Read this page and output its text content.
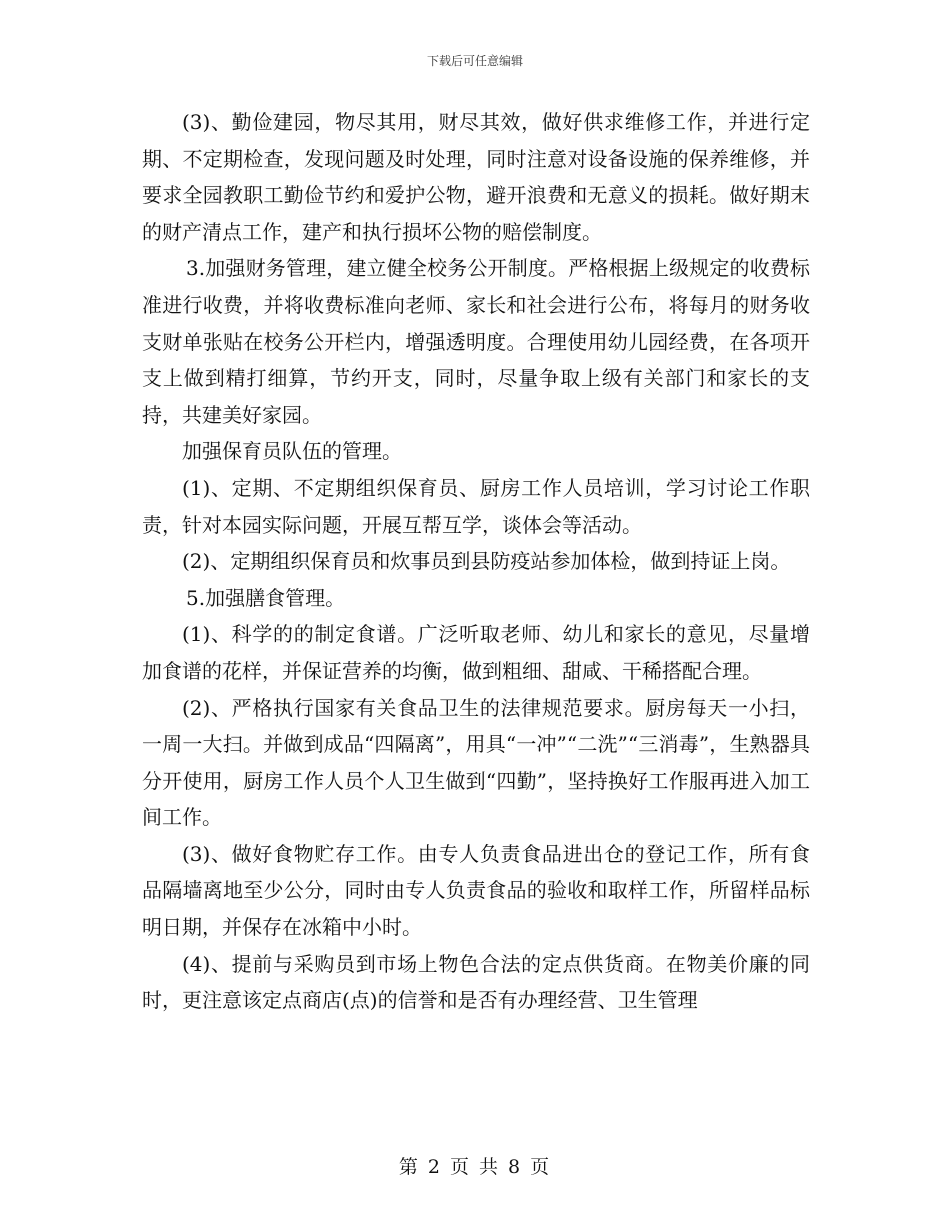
下载后可任意编辑

(3)、勤俭建园，物尽其用，财尽其效，做好供求维修工作，并进行定期、不定期检查，发现问题及时处理，同时注意对设备设施的保养维修，并要求全园教职工勤俭节约和爱护公物，避开浪费和无意义的损耗。做好期末的财产清点工作，建产和执行损坏公物的赔偿制度。

3.加强财务管理，建立健全校务公开制度。严格根据上级规定的收费标准进行收费，并将收费标准向老师、家长和社会进行公布，将每月的财务收支财单张贴在校务公开栏内，增强透明度。合理使用幼儿园经费，在各项开支上做到精打细算，节约开支，同时，尽量争取上级有关部门和家长的支持，共建美好家园。

加强保育员队伍的管理。

(1)、定期、不定期组织保育员、厨房工作人员培训，学习讨论工作职责，针对本园实际问题，开展互帮互学，谈体会等活动。

(2)、定期组织保育员和炊事员到县防疫站参加体检，做到持证上岗。

5.加强膳食管理。

(1)、科学的的制定食谱。广泛听取老师、幼儿和家长的意见，尽量增加食谱的花样，并保证营养的均衡，做到粗细、甜咸、干稀搭配合理。

(2)、严格执行国家有关食品卫生的法律规范要求。厨房每天一小扫，一周一大扫。并做到成品“四隔离”，用具“一冲”“二洗”“三消毒”，生熟器具分开使用，厨房工作人员个人卫生做到“四勤”，坚持换好工作服再进入加工间工作。

(3)、做好食物贮存工作。由专人负责食品进出仓的登记工作，所有食品隔墙离地至少公分，同时由专人负责食品的验收和取样工作，所留样品标明日期，并保存在冰箱中小时。

(4)、提前与采购员到市场上物色合法的定点供货商。在物美价廉的同时，更注意该定点商店(点)的信誉和是否有办理经营、卫生管理

第 2 页 共 8 页
